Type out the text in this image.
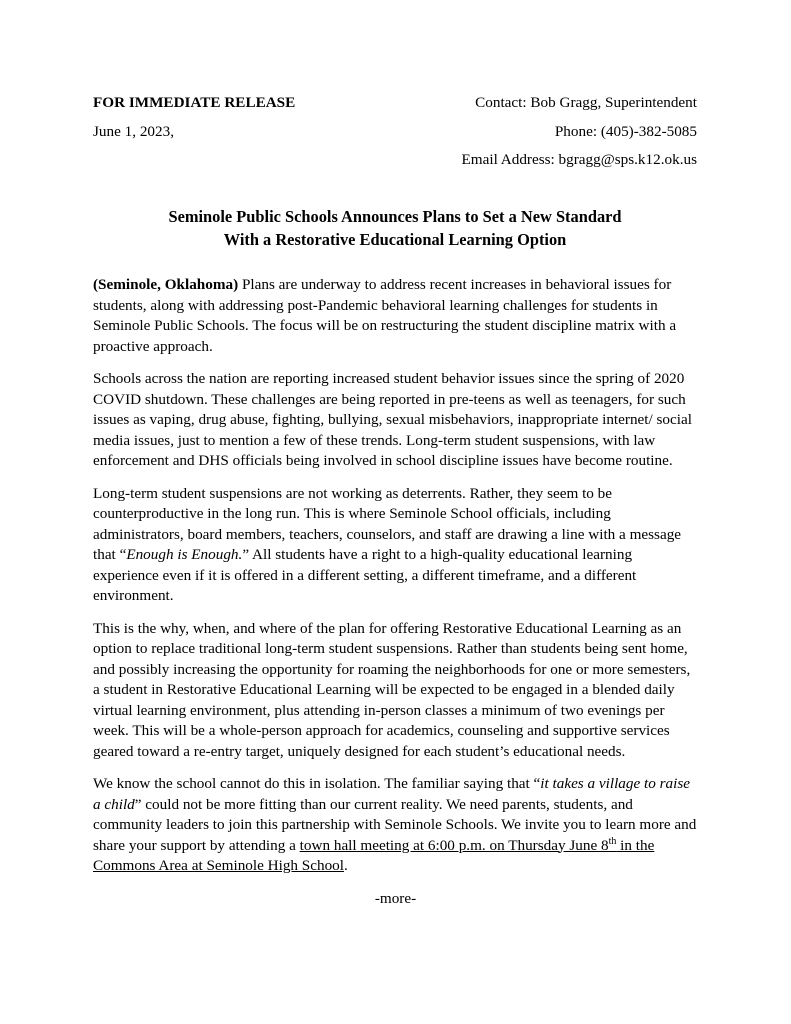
FOR IMMEDIATE RELEASE
June 1, 2023,
Contact: Bob Gragg, Superintendent
Phone: (405)-382-5085
Email Address: bgragg@sps.k12.ok.us
Seminole Public Schools Announces Plans to Set a New Standard
With a Restorative Educational Learning Option

(Seminole, Oklahoma) Plans are underway to address recent increases in behavioral issues for students, along with addressing post-Pandemic behavioral learning challenges for students in Seminole Public Schools. The focus will be on restructuring the student discipline matrix with a proactive approach.

Schools across the nation are reporting increased student behavior issues since the spring of 2020 COVID shutdown. These challenges are being reported in pre-teens as well as teenagers, for such issues as vaping, drug abuse, fighting, bullying, sexual misbehaviors, inappropriate internet/ social media issues, just to mention a few of these trends. Long-term student suspensions, with law enforcement and DHS officials being involved in school discipline issues have become routine.

Long-term student suspensions are not working as deterrents. Rather, they seem to be counterproductive in the long run. This is where Seminole School officials, including administrators, board members, teachers, counselors, and staff are drawing a line with a message that “Enough is Enough.” All students have a right to a high-quality educational learning experience even if it is offered in a different setting, a different timeframe, and a different environment.

This is the why, when, and where of the plan for offering Restorative Educational Learning as an option to replace traditional long-term student suspensions. Rather than students being sent home, and possibly increasing the opportunity for roaming the neighborhoods for one or more semesters, a student in Restorative Educational Learning will be expected to be engaged in a blended daily virtual learning environment, plus attending in-person classes a minimum of two evenings per week. This will be a whole-person approach for academics, counseling and supportive services geared toward a re-entry target, uniquely designed for each student’s educational needs.

We know the school cannot do this in isolation. The familiar saying that “it takes a village to raise a child” could not be more fitting than our current reality. We need parents, students, and community leaders to join this partnership with Seminole Schools. We invite you to learn more and share your support by attending a town hall meeting at 6:00 p.m. on Thursday June 8th in the Commons Area at Seminole High School.

-more-
